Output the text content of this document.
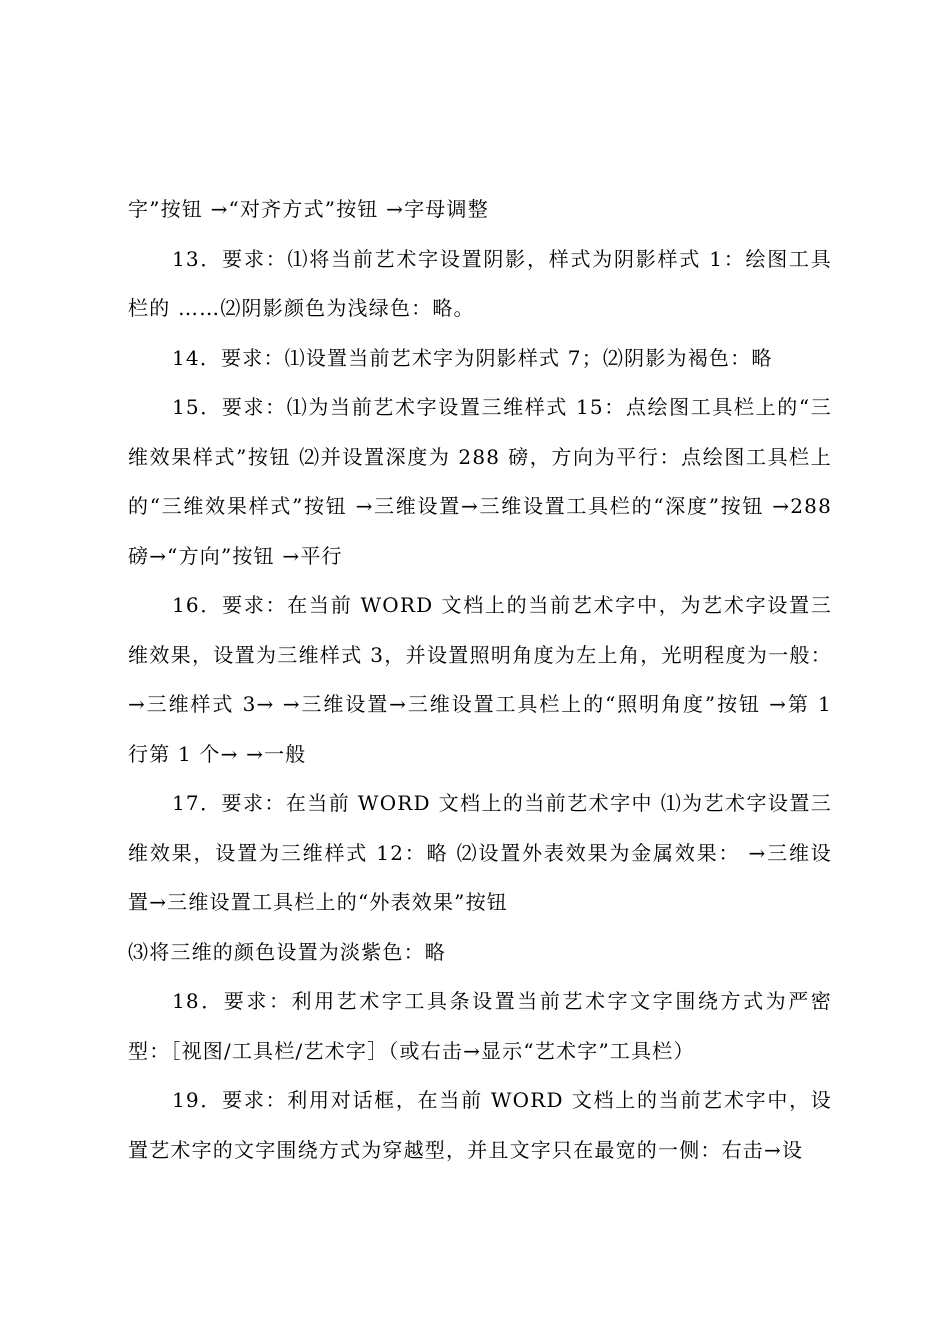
字”按钮 →“对齐方式”按钮 →字母调整

13．要求：⑴将当前艺术字设置阴影，样式为阴影样式 1：绘图工具栏的 ……⑵阴影颜色为浅绿色：略。

14．要求：⑴设置当前艺术字为阴影样式 7；⑵阴影为褐色：略

15．要求：⑴为当前艺术字设置三维样式 15：点绘图工具栏上的“三维效果样式”按钮 ⑵并设置深度为 288 磅，方向为平行：点绘图工具栏上的“三维效果样式”按钮 →三维设置→三维设置工具栏的“深度”按钮 →288 磅→“方向”按钮 →平行

16．要求：在当前 WORD 文档上的当前艺术字中，为艺术字设置三维效果，设置为三维样式 3，并设置照明角度为左上角，光明程度为一般： →三维样式 3→ →三维设置→三维设置工具栏上的“照明角度”按钮 →第 1 行第 1 个→ →一般

17．要求：在当前 WORD 文档上的当前艺术字中 ⑴为艺术字设置三维效果，设置为三维样式 12：略 ⑵设置外表效果为金属效果： →三维设置→三维设置工具栏上的“外表效果”按钮

⑶将三维的颜色设置为淡紫色：略

18．要求：利用艺术字工具条设置当前艺术字文字围绕方式为严密型：［视图/工具栏/艺术字］（或右击→显示“艺术字”工具栏）

19．要求：利用对话框，在当前 WORD 文档上的当前艺术字中，设置艺术字的文字围绕方式为穿越型，并且文字只在最宽的一侧：右击→设
